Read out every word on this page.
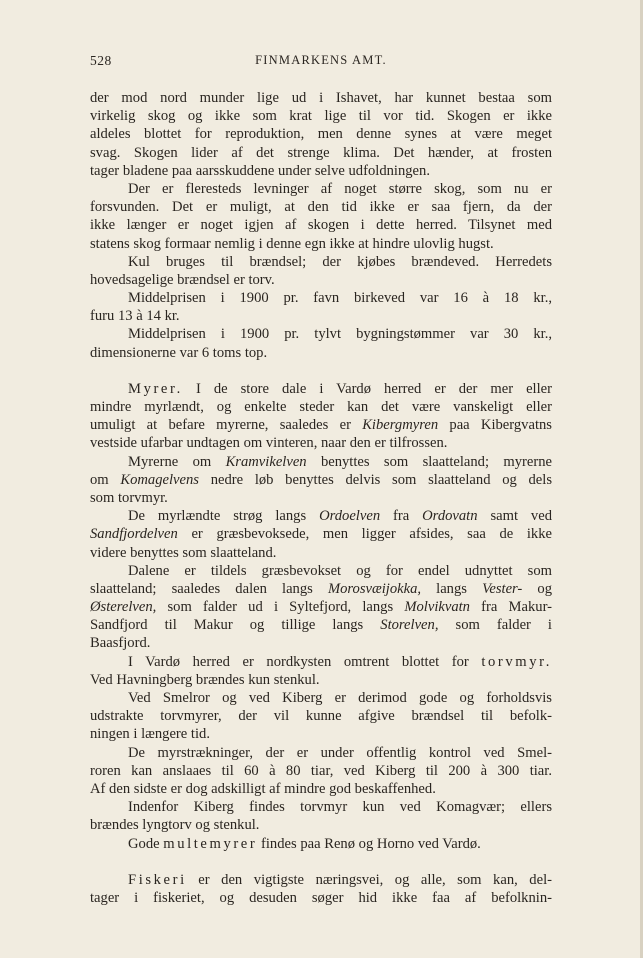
528	FINMARKENS AMT.
der mod nord munder lige ud i Ishavet, har kunnet bestaa som
virkelig skog og ikke som krat lige til vor tid. Skogen er ikke
aldeles blottet for reproduktion, men denne synes at være meget
svag. Skogen lider af det strenge klima. Det hænder, at frosten
tager bladene paa aarsskuddene under selve udfoldningen.
Der er fleresteds levninger af noget større skog, som nu er
forsvunden. Det er muligt, at den tid ikke er saa fjern, da der
ikke længer er noget igjen af skogen i dette herred. Tilsynet med
statens skog formaar nemlig i denne egn ikke at hindre ulovlig hugst.
Kul bruges til brændsel; der kjøbes brændeved. Herredets
hovedsagelige brændsel er torv.
Middelprisen i 1900 pr. favn birkeved var 16 à 18 kr.,
furu 13 à 14 kr.
Middelprisen i 1900 pr. tylvt bygningstømmer var 30 kr.,
dimensionerne var 6 toms top.
Myrer. I de store dale i Vardø herred er der mer eller
mindre myrlændt, og enkelte steder kan det være vanskeligt eller
umuligt at befare myrerne, saaledes er Kibergmyren paa Kibergvatns
vestside ufarbar undtagen om vinteren, naar den er tilfrossen.
Myrerne om Kramvikelven benyttes som slaatteland; myrerne
om Komagelvens nedre løb benyttes delvis som slaatteland og dels
som torvmyr.
De myrlændte strøg langs Ordoelven fra Ordovatn samt ved
Sandfjordelven er græsbevoksede, men ligger afsides, saa de ikke
videre benyttes som slaatteland.
Dalene er tildels græsbevokset og for endel udnyttet som
slaatteland; saaledes dalen langs Morosvæijokka, langs Vester- og
Østerelven, som falder ud i Syltefjord, langs Molvikvatn fra Makur-
Sandfjord til Makur og tillige langs Storelven, som falder i
Baasfjord.
I Vardø herred er nordkysten omtrent blottet for torvmyr.
Ved Havningberg brændes kun stenkul.
Ved Smelror og ved Kiberg er derimod gode og forholdsvis
udstrakte torvmyrer, der vil kunne afgive brændsel til befolk-
ningen i længere tid.
De myrstrækninger, der er under offentlig kontrol ved Smel-
roren kan anslaaes til 60 à 80 tiar, ved Kiberg til 200 à 300 tiar.
Af den sidste er dog adskilligt af mindre god beskaffenhed.
Indenfor Kiberg findes torvmyr kun ved Komagvær; ellers
brændes lyngtorv og stenkul.
Gode multemyrer findes paa Renø og Horno ved Vardø.
Fiskeri er den vigtigste næringsvei, og alle, som kan, del-
tager i fiskeriet, og desuden søger hid ikke faa af befolknin-
